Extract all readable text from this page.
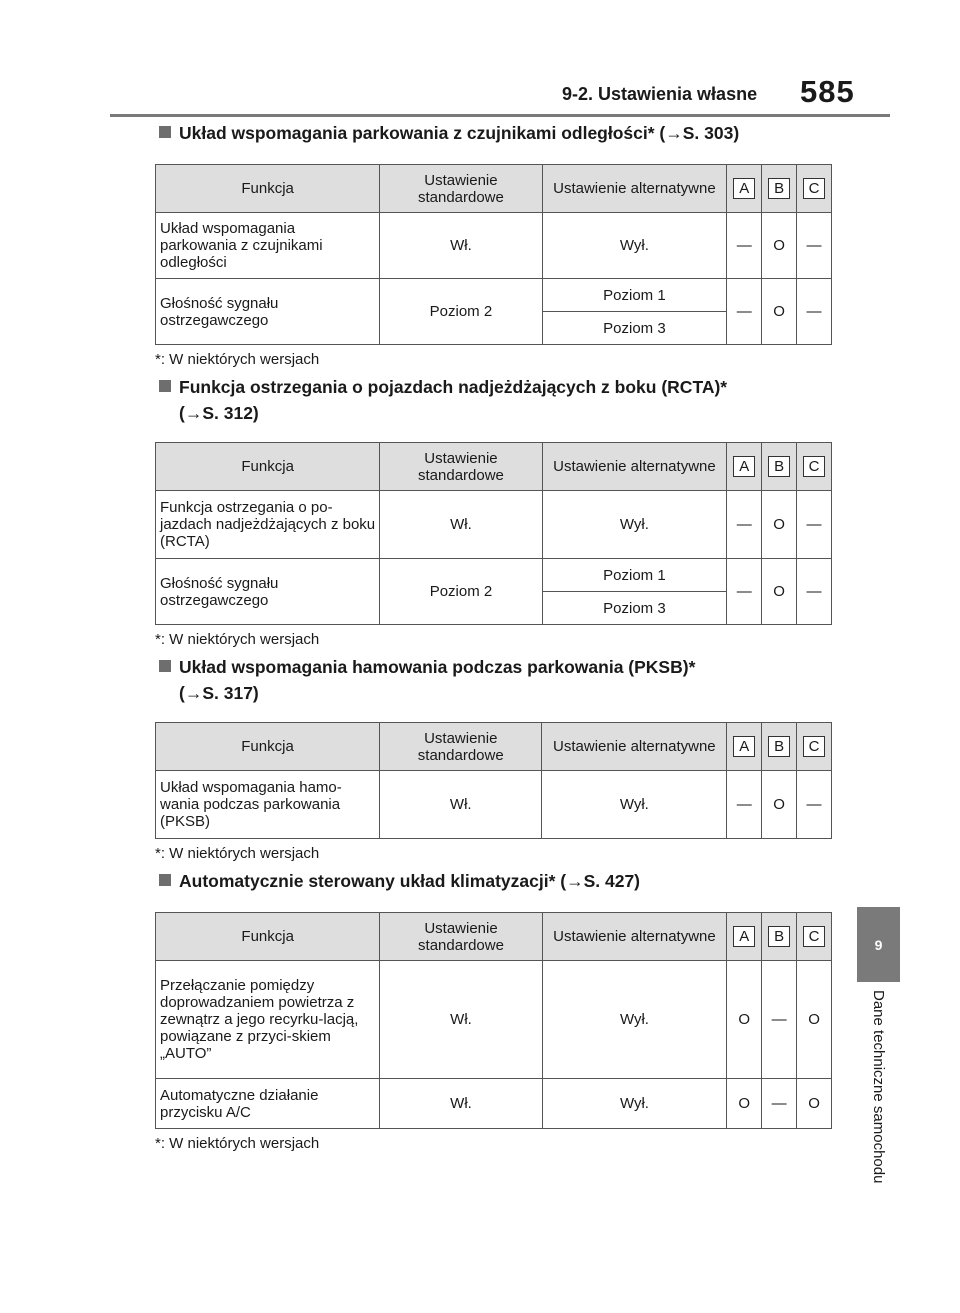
9-2. Ustawienia własne 585
9
Dane techniczne samochodu

Układ wspomagania parkowania z czujnikami odległości* (→S. 303)

Funkcja	Ustawienie standardowe	Ustawienie alternatywne	A	B	C
Układ wspomagania parkowania z czujnikami odległości	Wł.	Wył.	—	O	—
Głośność sygnału ostrzegawczego	Poziom 2	Poziom 1	—	O	—
		Poziom 3			

*: W niektórych wersjach

Funkcja ostrzegania o pojazdach nadjeżdżających z boku (RCTA)*
(→S. 312)

Funkcja	Ustawienie standardowe	Ustawienie alternatywne	A	B	C
Funkcja ostrzegania o po-jazdach nadjeżdżających z boku (RCTA)	Wł.	Wył.	—	O	—
Głośność sygnału ostrzegawczego	Poziom 2	Poziom 1	—	O	—
		Poziom 3			

*: W niektórych wersjach

Układ wspomagania hamowania podczas parkowania (PKSB)*
(→S. 317)

Funkcja	Ustawienie standardowe	Ustawienie alternatywne	A	B	C
Układ wspomagania hamo-wania podczas parkowania (PKSB)	Wł.	Wył.	—	O	—

*: W niektórych wersjach

Automatycznie sterowany układ klimatyzacji* (→S. 427)

Funkcja	Ustawienie standardowe	Ustawienie alternatywne	A	B	C
Przełączanie pomiędzy doprowadzaniem powietrza z zewnątrz a jego recyrku-lacją, powiązane z przyci-skiem „AUTO”	Wł.	Wył.	O	—	O
Automatyczne działanie przycisku A/C	Wł.	Wył.	O	—	O

*: W niektórych wersjach
